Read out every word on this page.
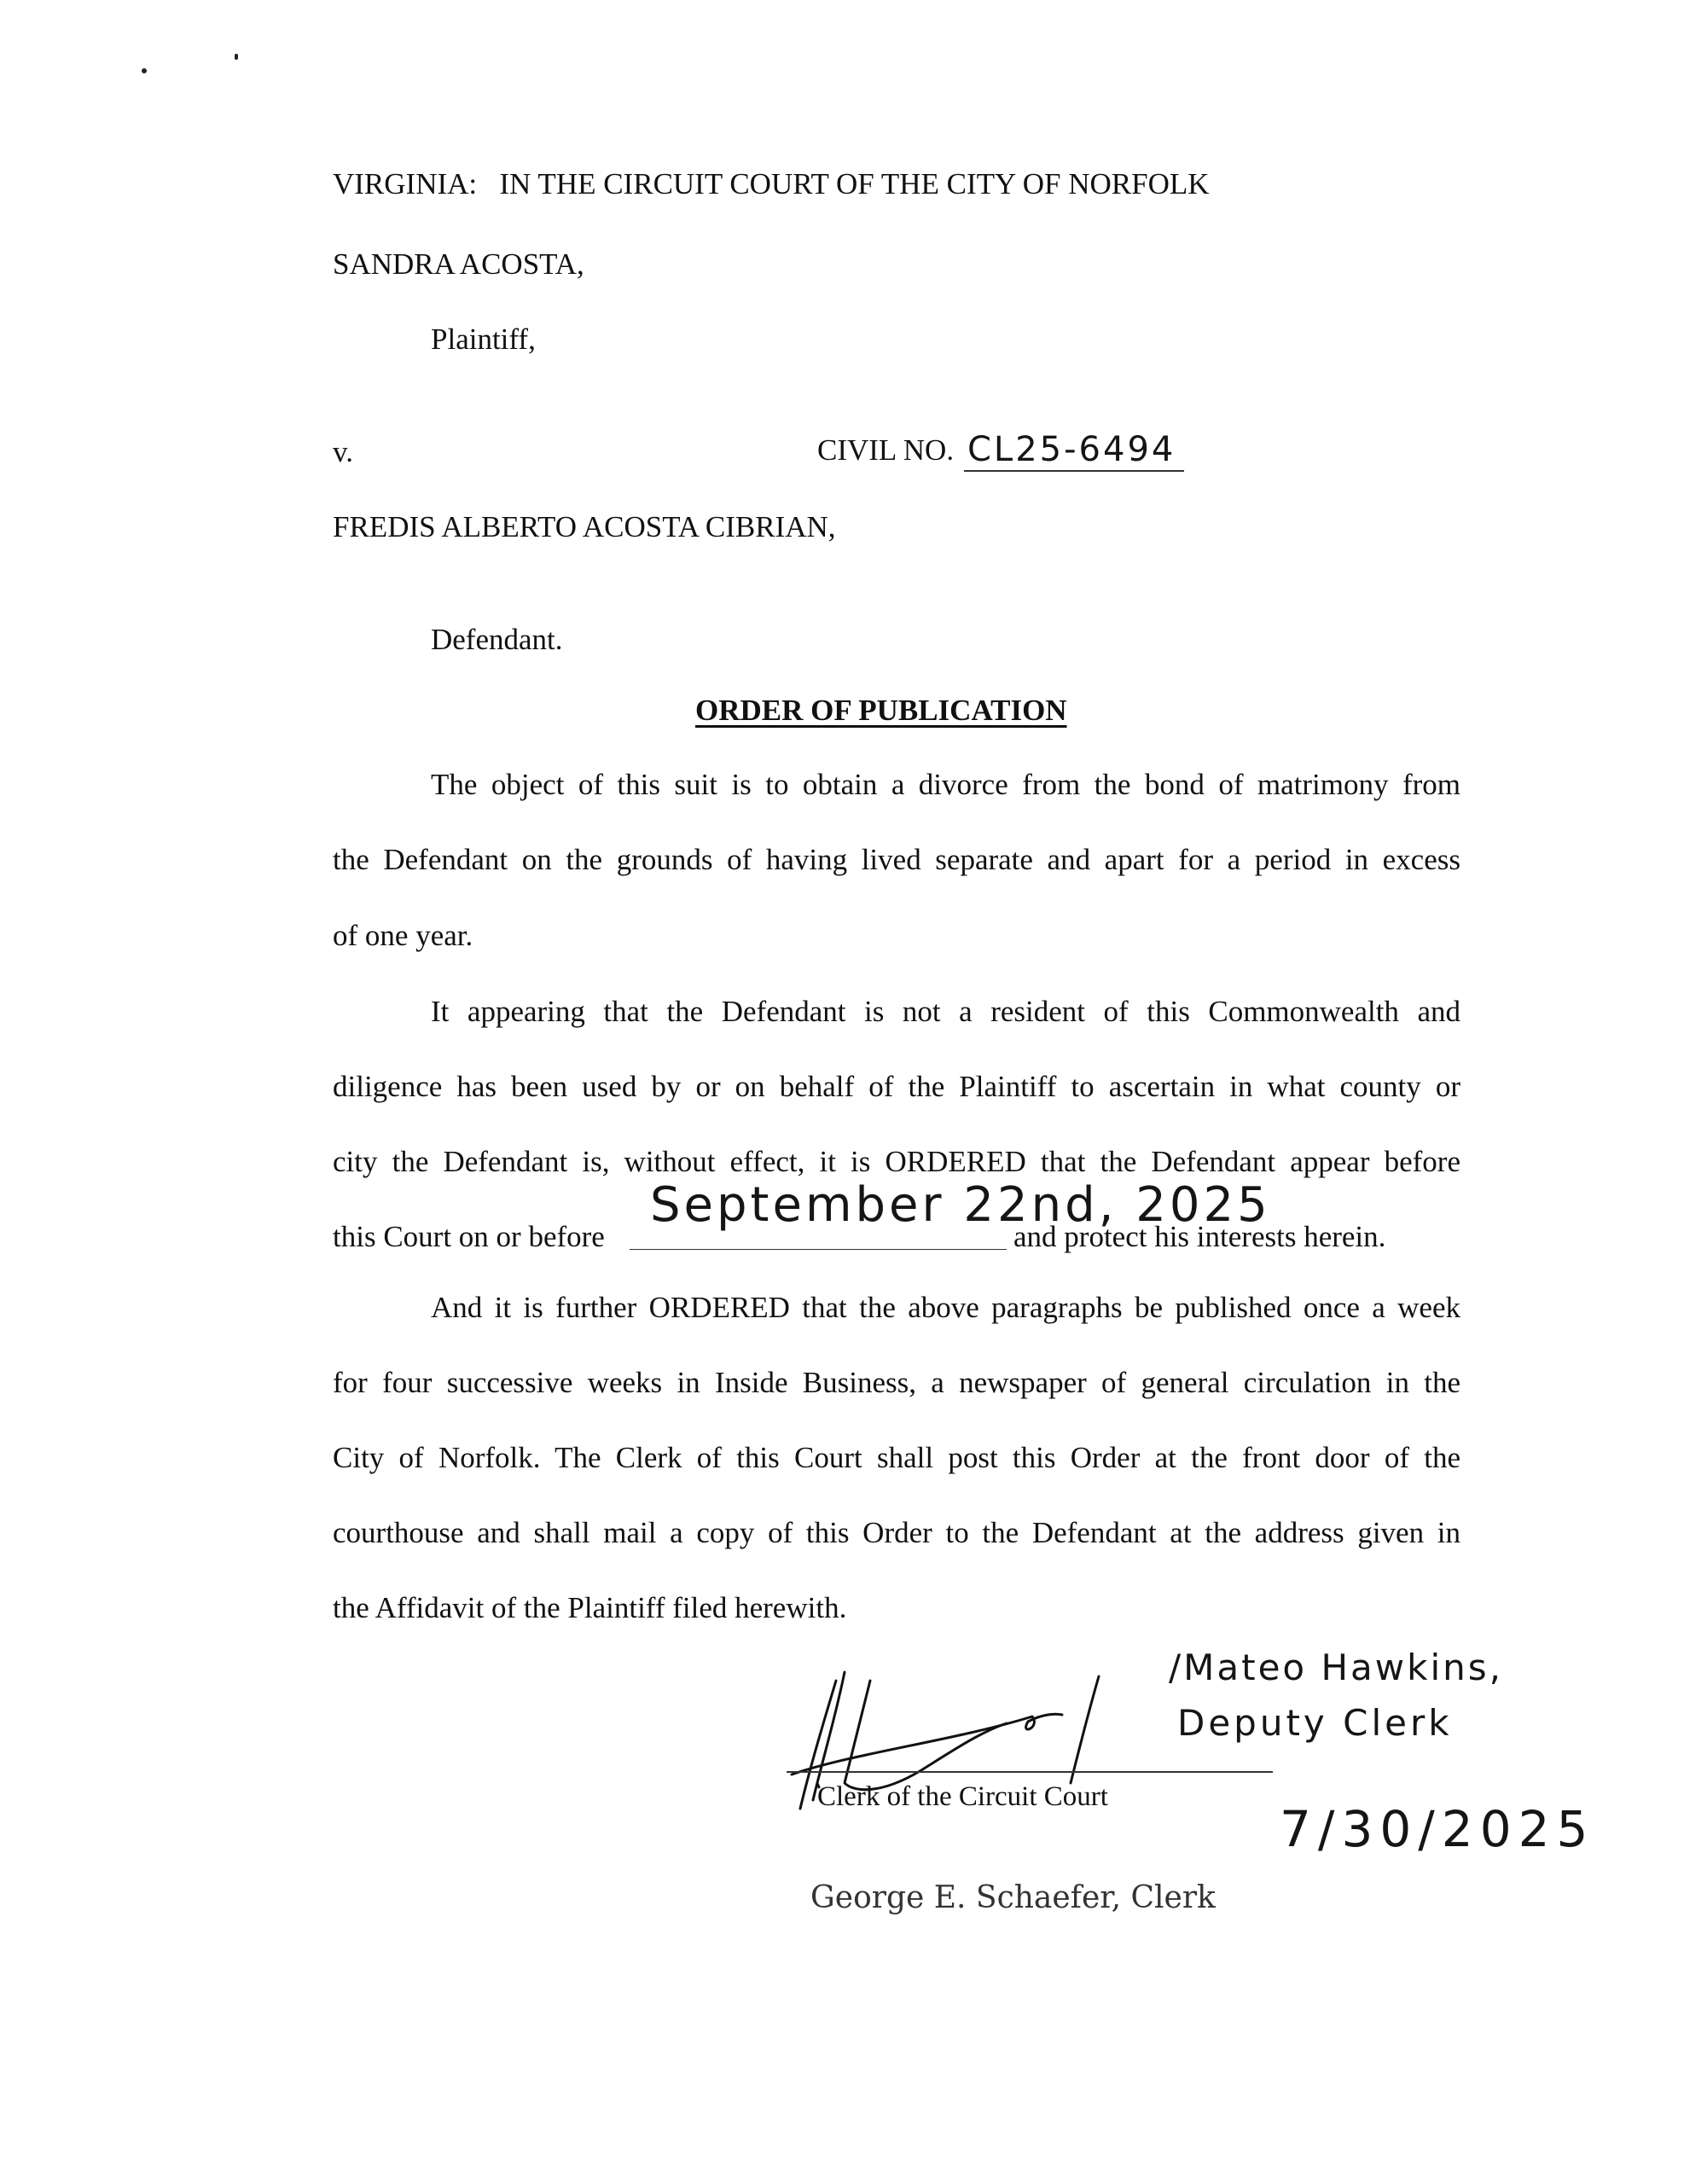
VIRGINIA:   IN THE CIRCUIT COURT OF THE CITY OF NORFOLK
SANDRA ACOSTA,
Plaintiff,
v.	CIVIL NO. CL25-6494
FREDIS ALBERTO ACOSTA CIBRIAN,
Defendant.
ORDER OF PUBLICATION
The object of this suit is to obtain a divorce from the bond of matrimony from
the Defendant on the grounds of having lived separate and apart for a period in excess
of one year.
It appearing that the Defendant is not a resident of this Commonwealth and
diligence has been used by or on behalf of the Plaintiff to ascertain in what county or
city the Defendant is, without effect, it is ORDERED that the Defendant appear before
this Court on or before
September 22nd, 2025
and protect his interests herein.
And it is further ORDERED that the above paragraphs be published once a week
for four successive weeks in Inside Business, a newspaper of general circulation in the
City of Norfolk. The Clerk of this Court shall post this Order at the front door of the
courthouse and shall mail a copy of this Order to the Defendant at the address given in
the Affidavit of the Plaintiff filed herewith.
/Mateo Hawkins,
Deputy Clerk
Clerk of the Circuit Court
7/30/2025
George E. Schaefer, Clerk
